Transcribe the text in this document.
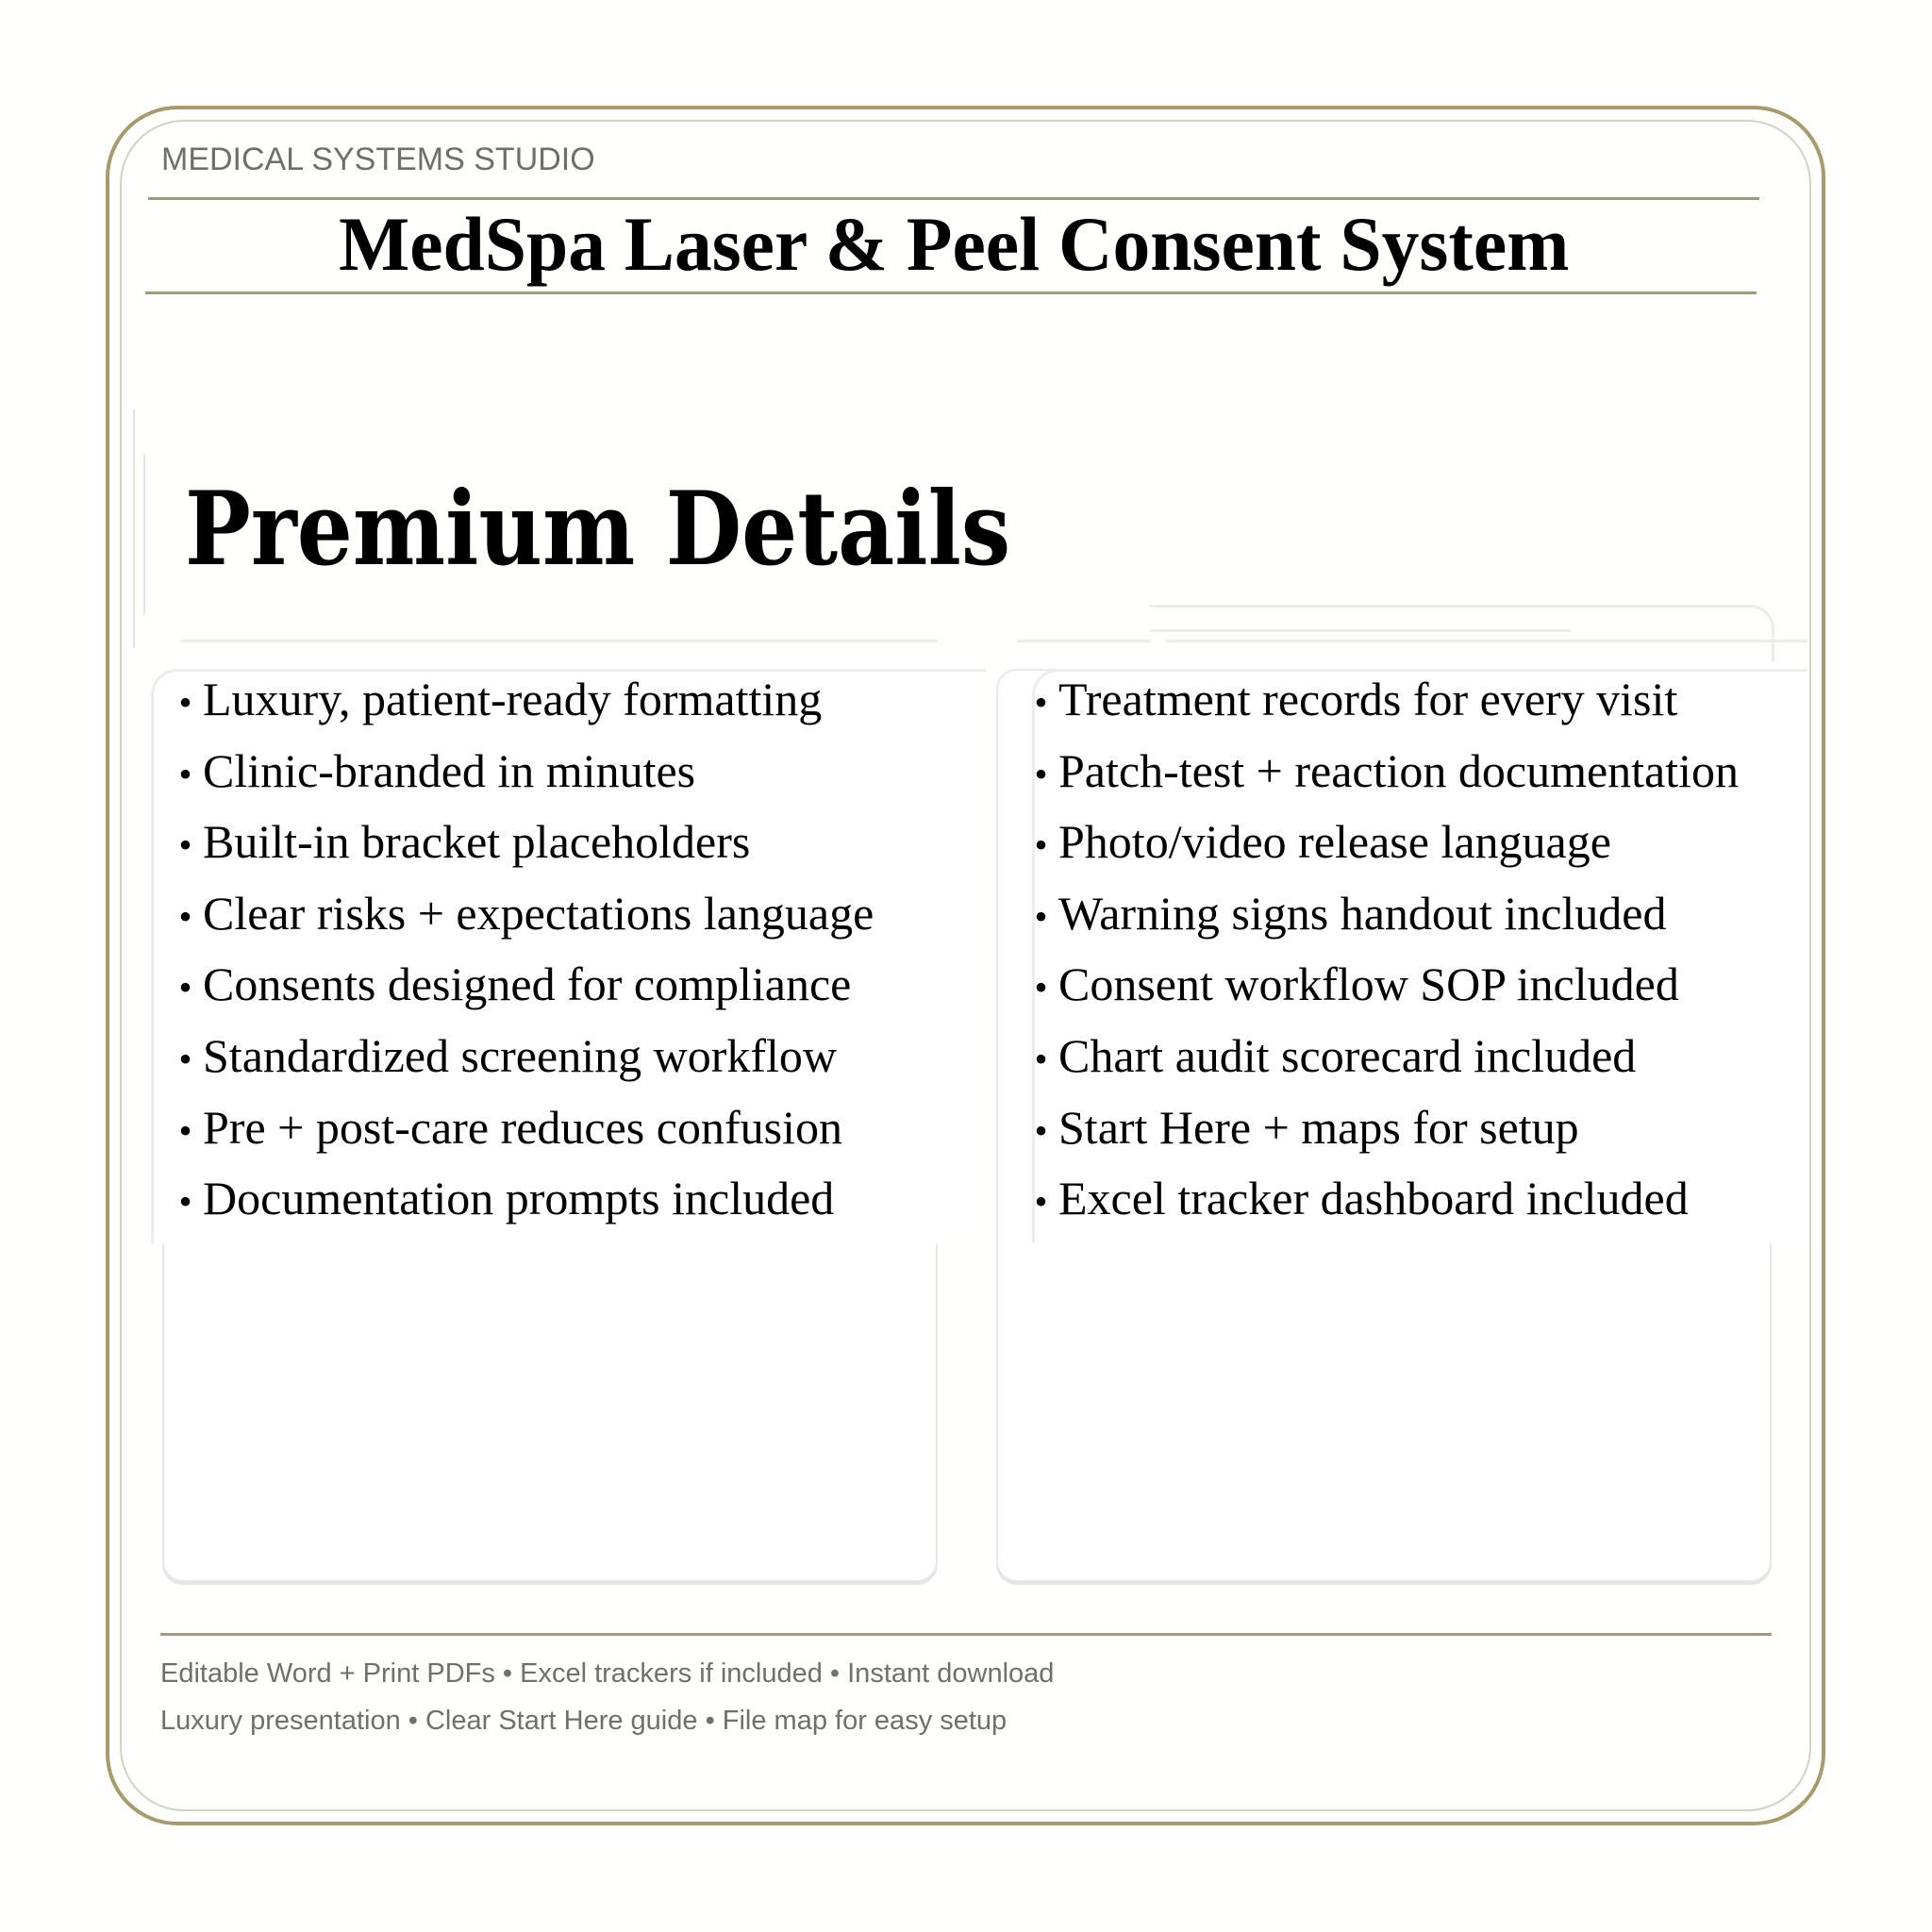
MEDICAL SYSTEMS STUDIO
MedSpa Laser & Peel Consent System
Premium Details
• Luxury, patient-ready formatting
• Clinic-branded in minutes
• Built-in bracket placeholders
• Clear risks + expectations language
• Consents designed for compliance
• Standardized screening workflow
• Pre + post-care reduces confusion
• Documentation prompts included
• Treatment records for every visit
• Patch-test + reaction documentation
• Photo/video release language
• Warning signs handout included
• Consent workflow SOP included
• Chart audit scorecard included
• Start Here + maps for setup
• Excel tracker dashboard included
Editable Word + Print PDFs • Excel trackers if included • Instant download
Luxury presentation • Clear Start Here guide • File map for easy setup
